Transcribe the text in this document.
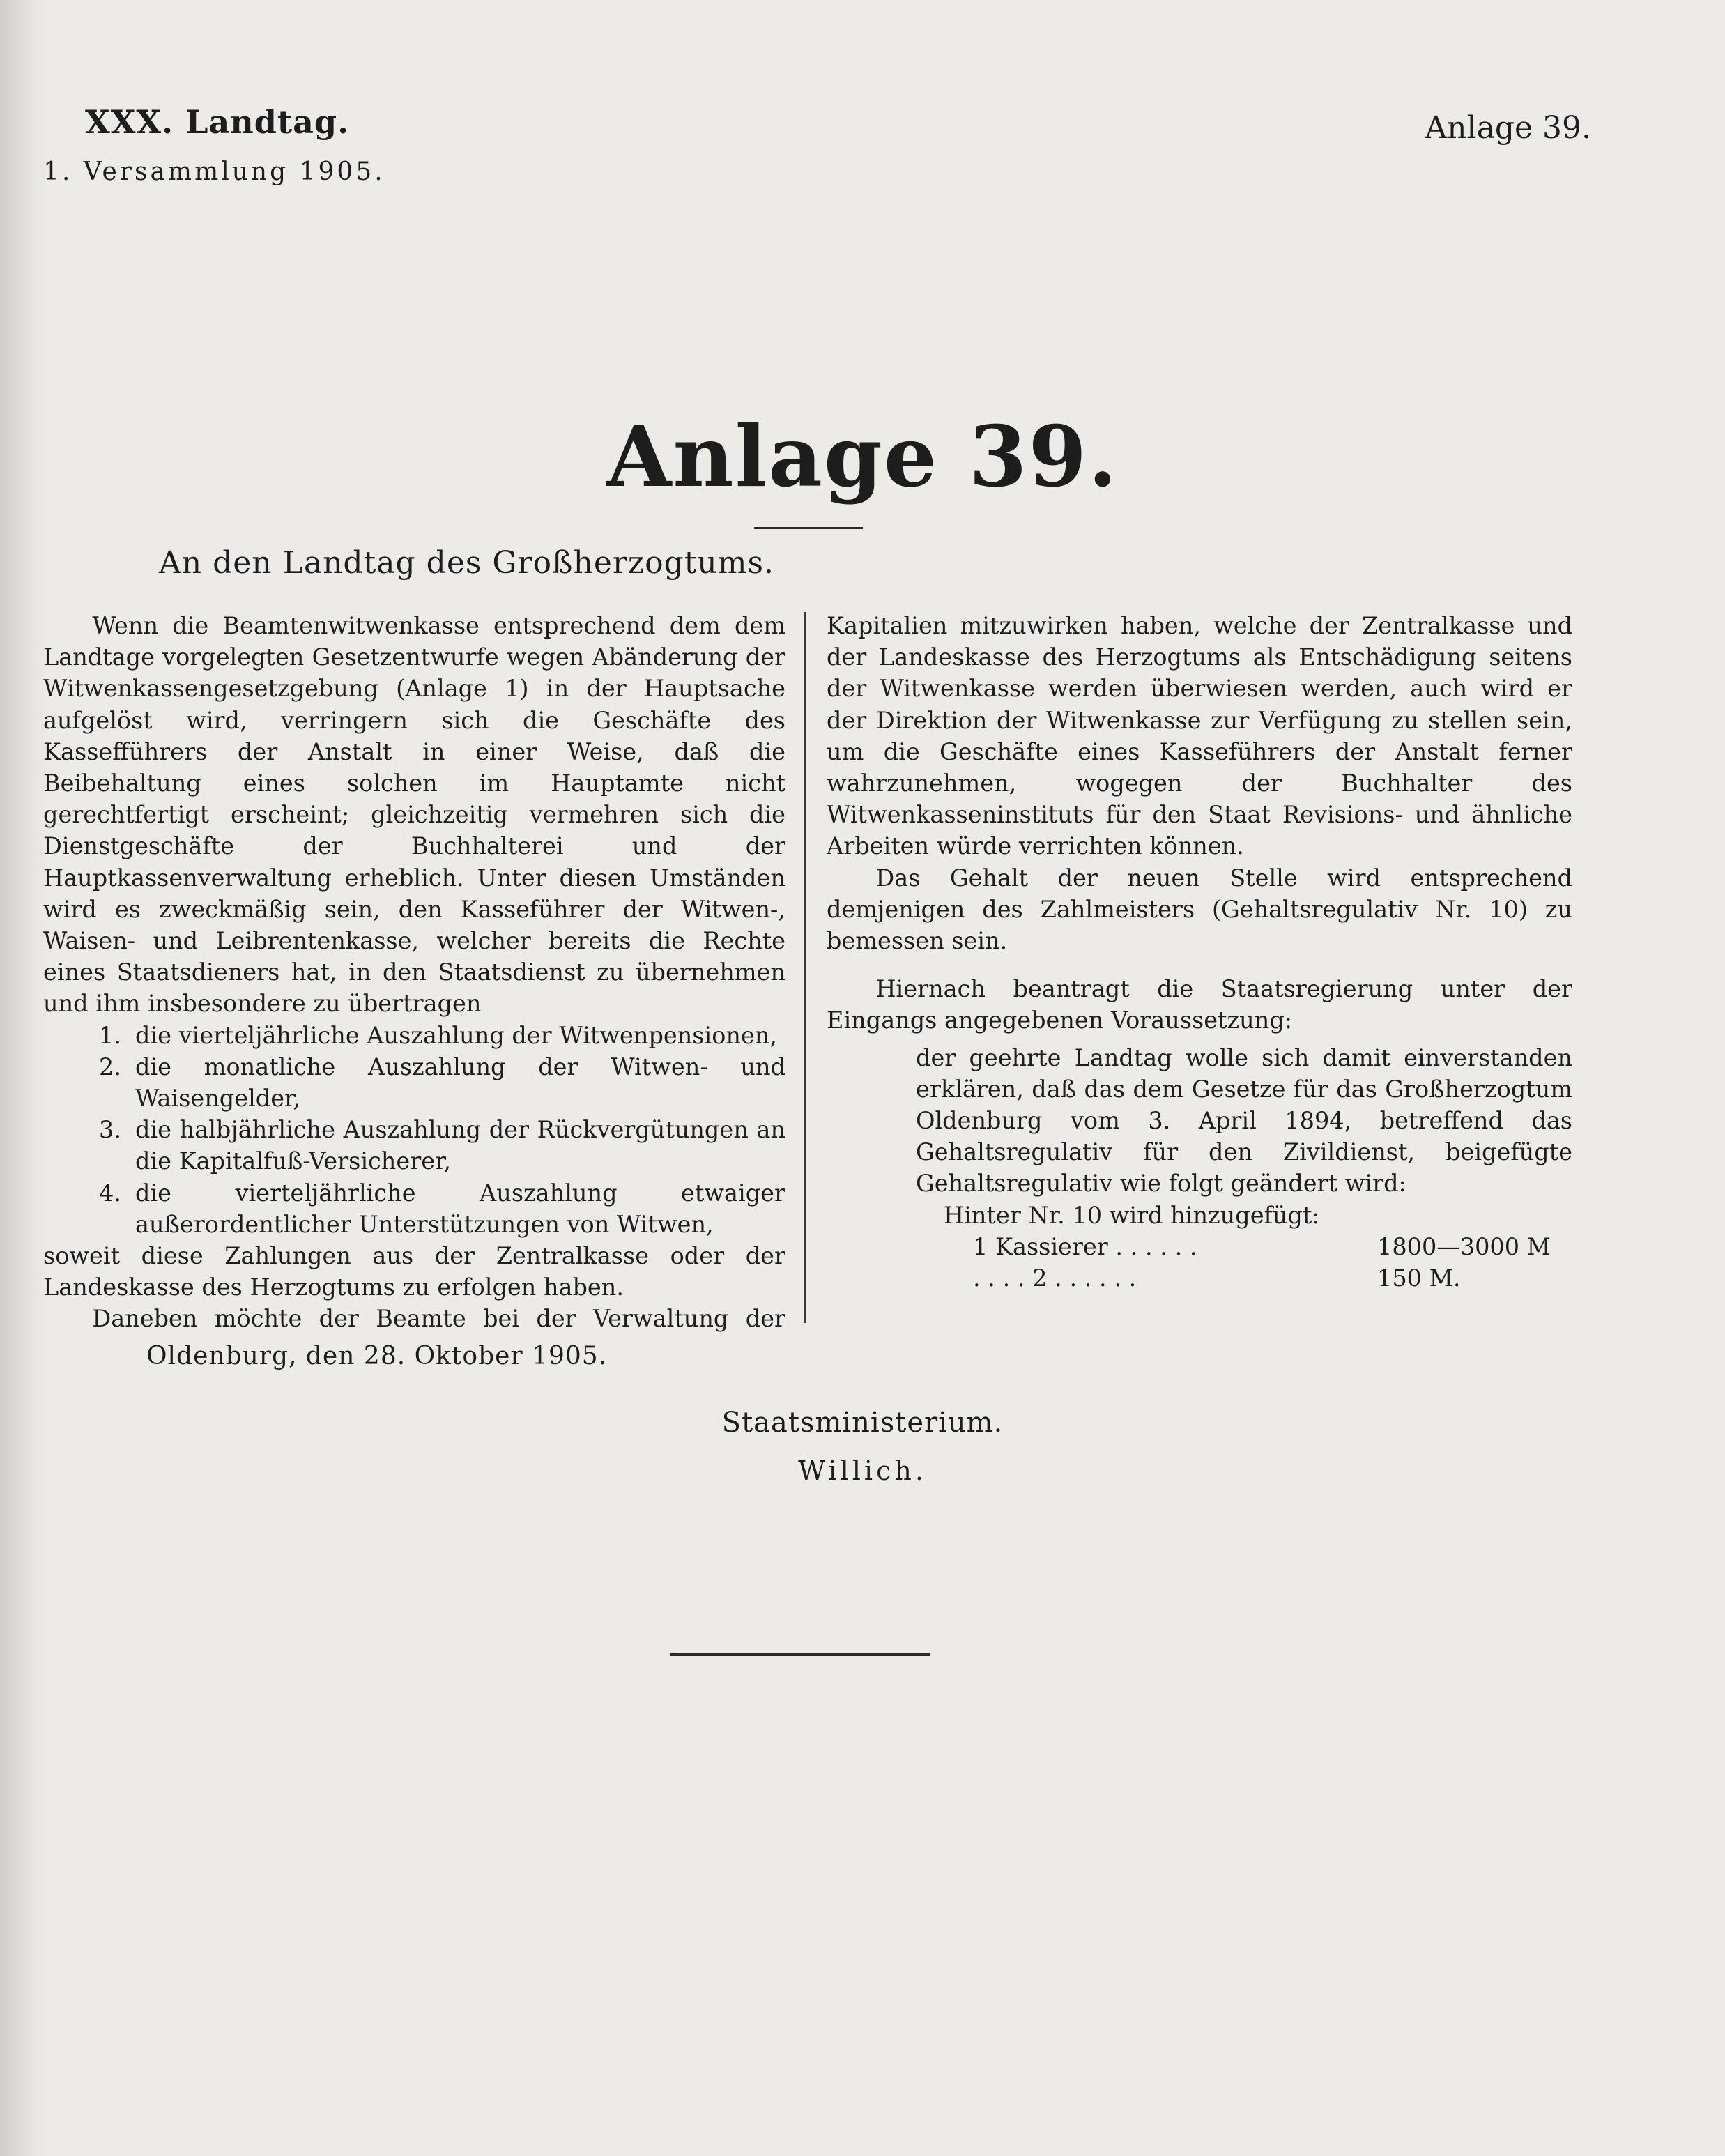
XXX. Landtag.
1. Versammlung 1905.
Anlage 39.
Anlage 39.
An den Landtag des Großherzogtums.

Wenn die Beamtenwitwenkasse entsprechend dem dem Landtage vorgelegten Gesetzentwurfe wegen Abänderung der Witwenkassengesetzgebung (Anlage 1) in der Hauptsache aufgelöst wird, verringern sich die Geschäfte des Kassefführers der Anstalt in einer Weise, daß die Beibehaltung eines solchen im Hauptamte nicht gerechtfertigt erscheint; gleichzeitig vermehren sich die Dienstgeschäfte der Buchhalterei und der Hauptkassenverwaltung erheblich. Unter diesen Umständen wird es zweckmäßig sein, den Kasseführer der Witwen-, Waisen- und Leibrentenkasse, welcher bereits die Rechte eines Staatsdieners hat, in den Staatsdienst zu übernehmen und ihm insbesondere zu übertragen

1. die vierteljährliche Auszahlung der Witwenpensionen,
2. die monatliche Auszahlung der Witwen- und Waisengelder,
3. die halbjährliche Auszahlung der Rückvergütungen an die Kapitalfuß-Versicherer,
4. die vierteljährliche Auszahlung etwaiger außerordentlicher Unterstützungen von Witwen,

soweit diese Zahlungen aus der Zentralkasse oder der Landeskasse des Herzogtums zu erfolgen haben.

Daneben möchte der Beamte bei der Verwaltung der

Kapitalien mitzuwirken haben, welche der Zentralkasse und der Landeskasse des Herzogtums als Entschädigung seitens der Witwenkasse werden überwiesen werden, auch wird er der Direktion der Witwenkasse zur Verfügung zu stellen sein, um die Geschäfte eines Kasseführers der Anstalt ferner wahrzunehmen, wogegen der Buchhalter des Witwenkasseninstituts für den Staat Revisions- und ähnliche Arbeiten würde verrichten können.

Das Gehalt der neuen Stelle wird entsprechend demjenigen des Zahlmeisters (Gehaltsregulativ Nr. 10) zu bemessen sein.

Hiernach beantragt die Staatsregierung unter der Eingangs angegebenen Voraussetzung:

der geehrte Landtag wolle sich damit einverstanden erklären, daß das dem Gesetze für das Großherzogtum Oldenburg vom 3. April 1894, betreffend das Gehaltsregulativ für den Zivildienst, beigefügte Gehaltsregulativ wie folgt geändert wird:

Hinter Nr. 10 wird hinzugefügt:

1 Kassierer . . . . . .	1800—3000 M
. . . . 2 . . . . . .	150 M.
Oldenburg, den 28. Oktober 1905.
Staatsministerium.
Willich.
